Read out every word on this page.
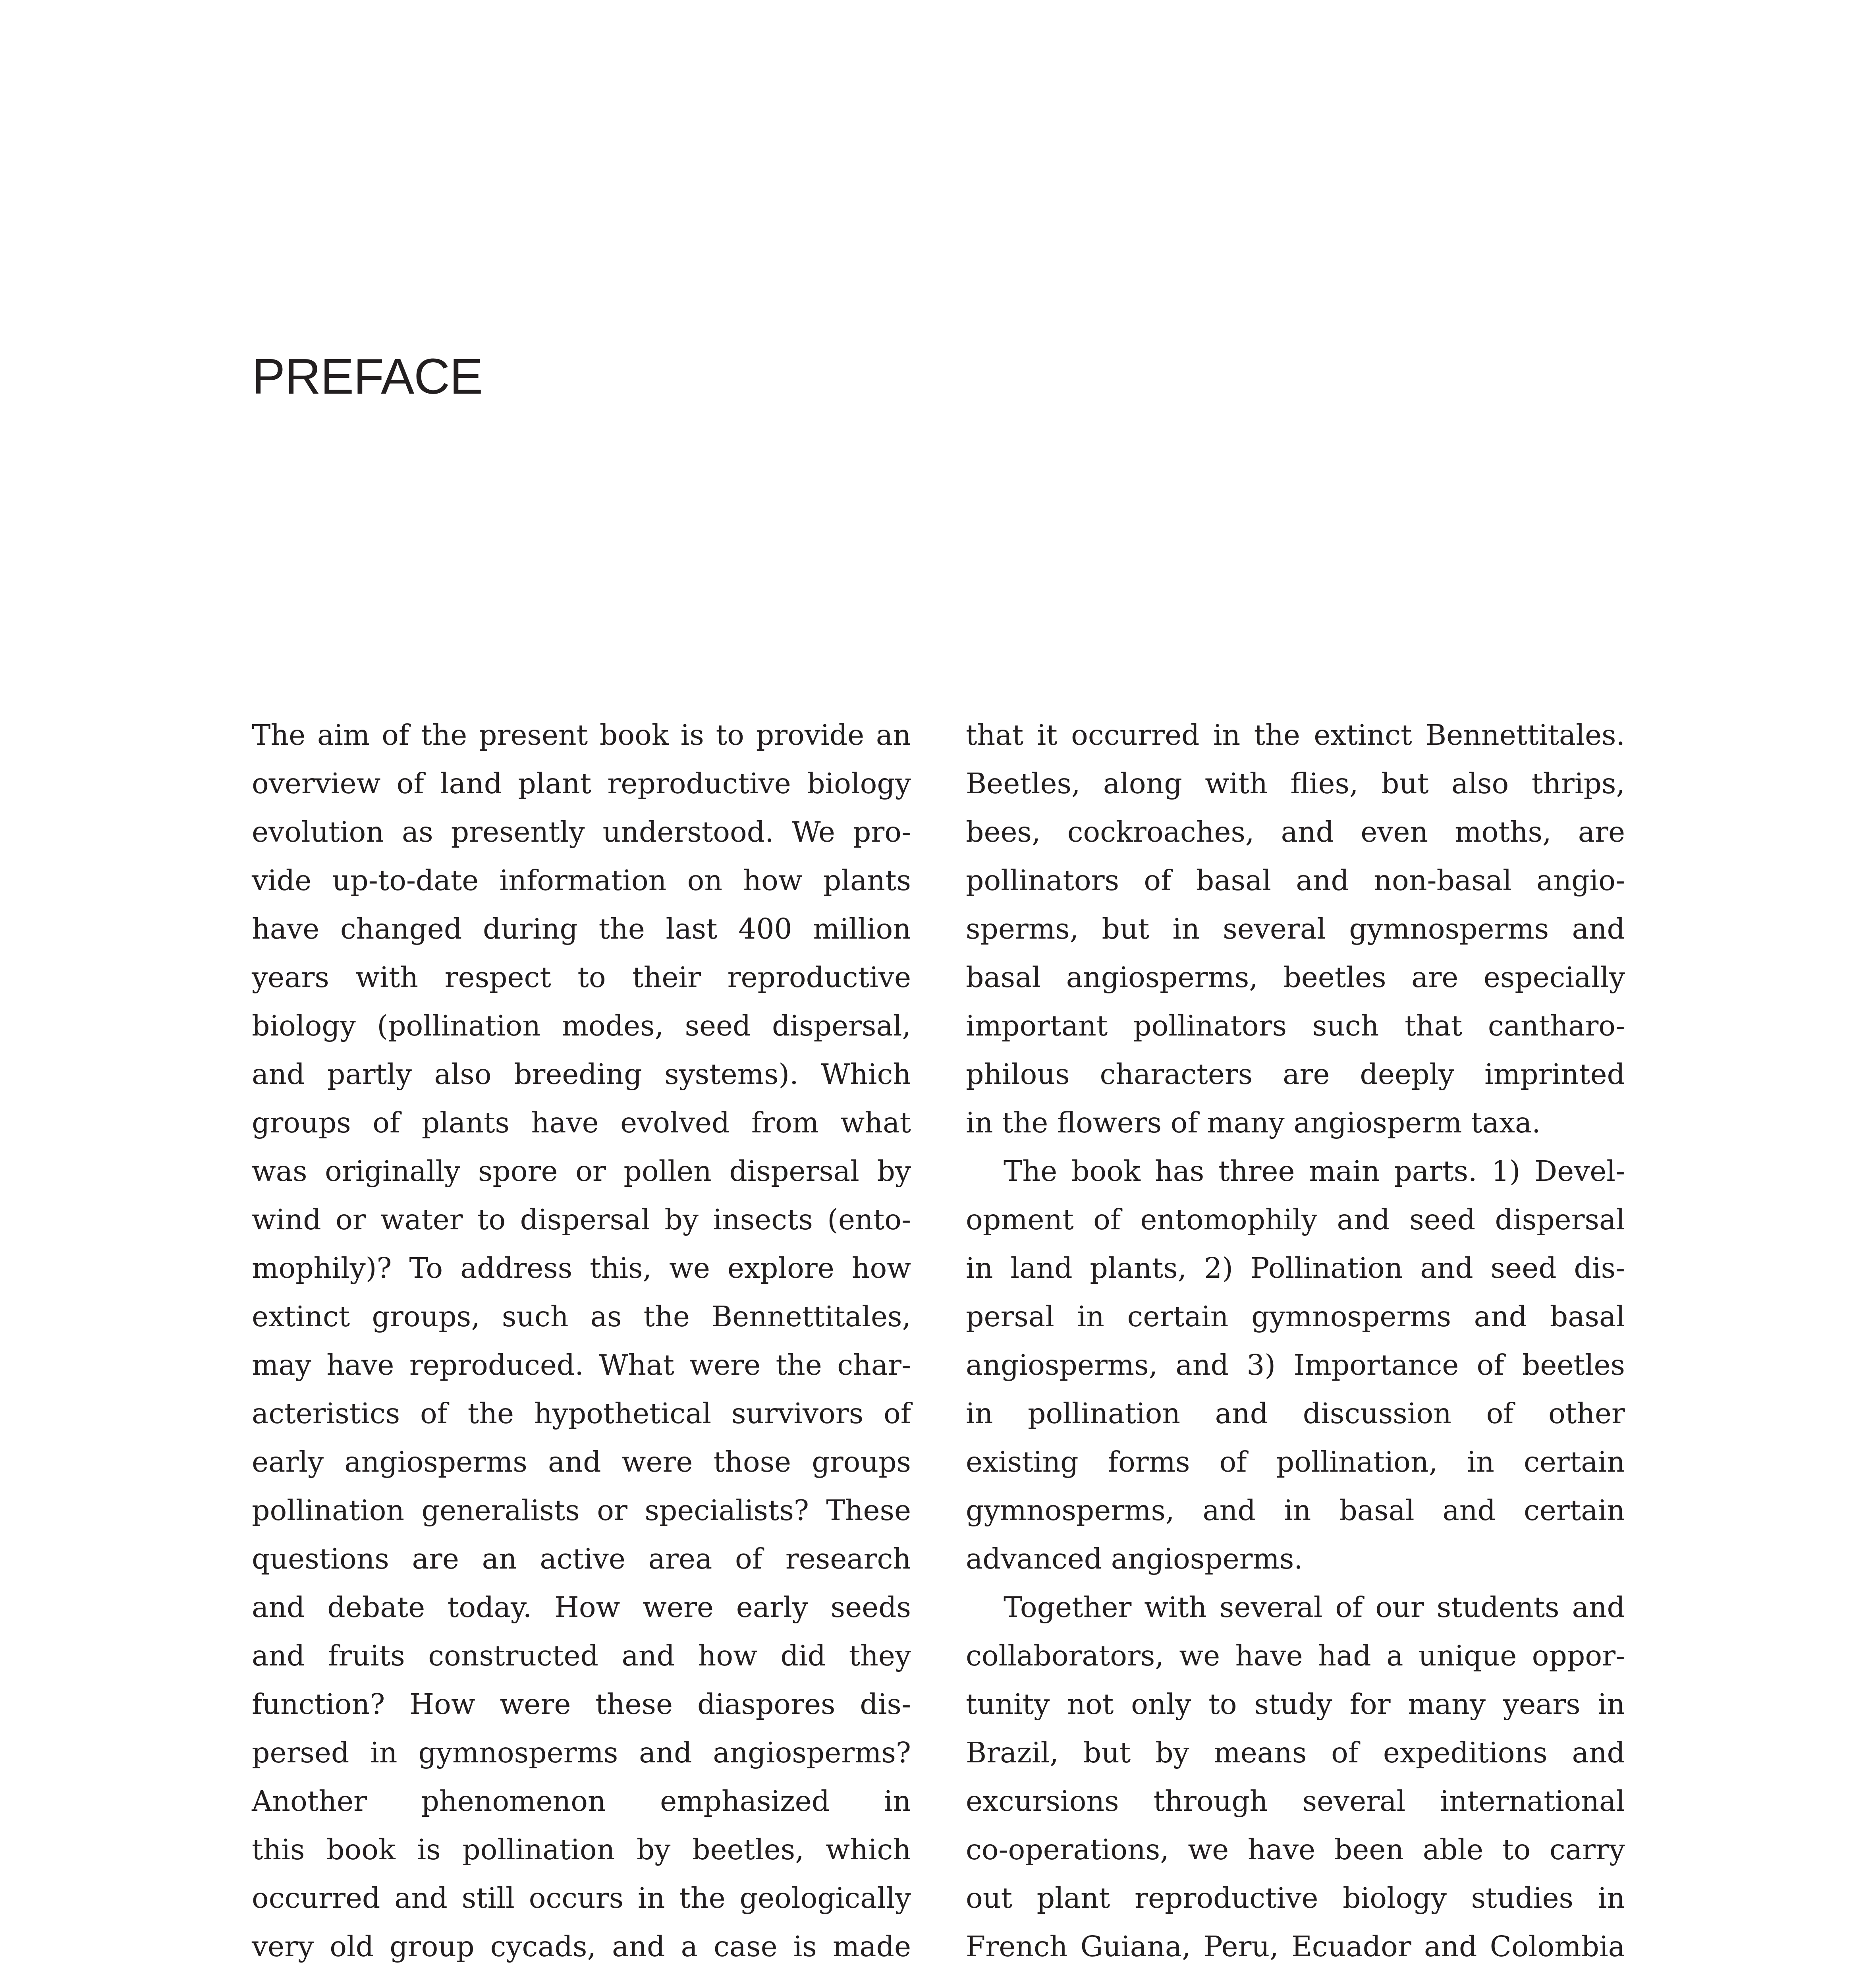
PREFACE
The aim of the present book is to provide an
overview of land plant reproductive biology
evolution as presently understood. We pro-
vide up-to-date information on how plants
have changed during the last 400 million
years with respect to their reproductive
biology (pollination modes, seed dispersal,
and partly also breeding systems). Which
groups of plants have evolved from what
was originally spore or pollen dispersal by
wind or water to dispersal by insects (ento-
mophily)? To address this, we explore how
extinct groups, such as the Bennettitales,
may have reproduced. What were the char-
acteristics of the hypothetical survivors of
early angiosperms and were those groups
pollination generalists or specialists? These
questions are an active area of research
and debate today. How were early seeds
and fruits constructed and how did they
function? How were these diaspores dis-
persed in gymnosperms and angiosperms?
Another phenomenon emphasized in
this book is pollination by beetles, which
occurred and still occurs in the geologically
very old group cycads, and a case is made
that it occurred in the extinct Bennettitales.
Beetles, along with flies, but also thrips,
bees, cockroaches, and even moths, are
pollinators of basal and non-basal angio-
sperms, but in several gymnosperms and
basal angiosperms, beetles are especially
important pollinators such that cantharo-
philous characters are deeply imprinted
in the flowers of many angiosperm taxa.
The book has three main parts. 1) Devel-
opment of entomophily and seed dispersal
in land plants, 2) Pollination and seed dis-
persal in certain gymnosperms and basal
angiosperms, and 3) Importance of beetles
in pollination and discussion of other
existing forms of pollination, in certain
gymnosperms, and in basal and certain
advanced angiosperms.
Together with several of our students and
collaborators, we have had a unique oppor-
tunity not only to study for many years in
Brazil, but by means of expeditions and
excursions through several international
co-operations, we have been able to carry
out plant reproductive biology studies in
French Guiana, Peru, Ecuador and Colombia
